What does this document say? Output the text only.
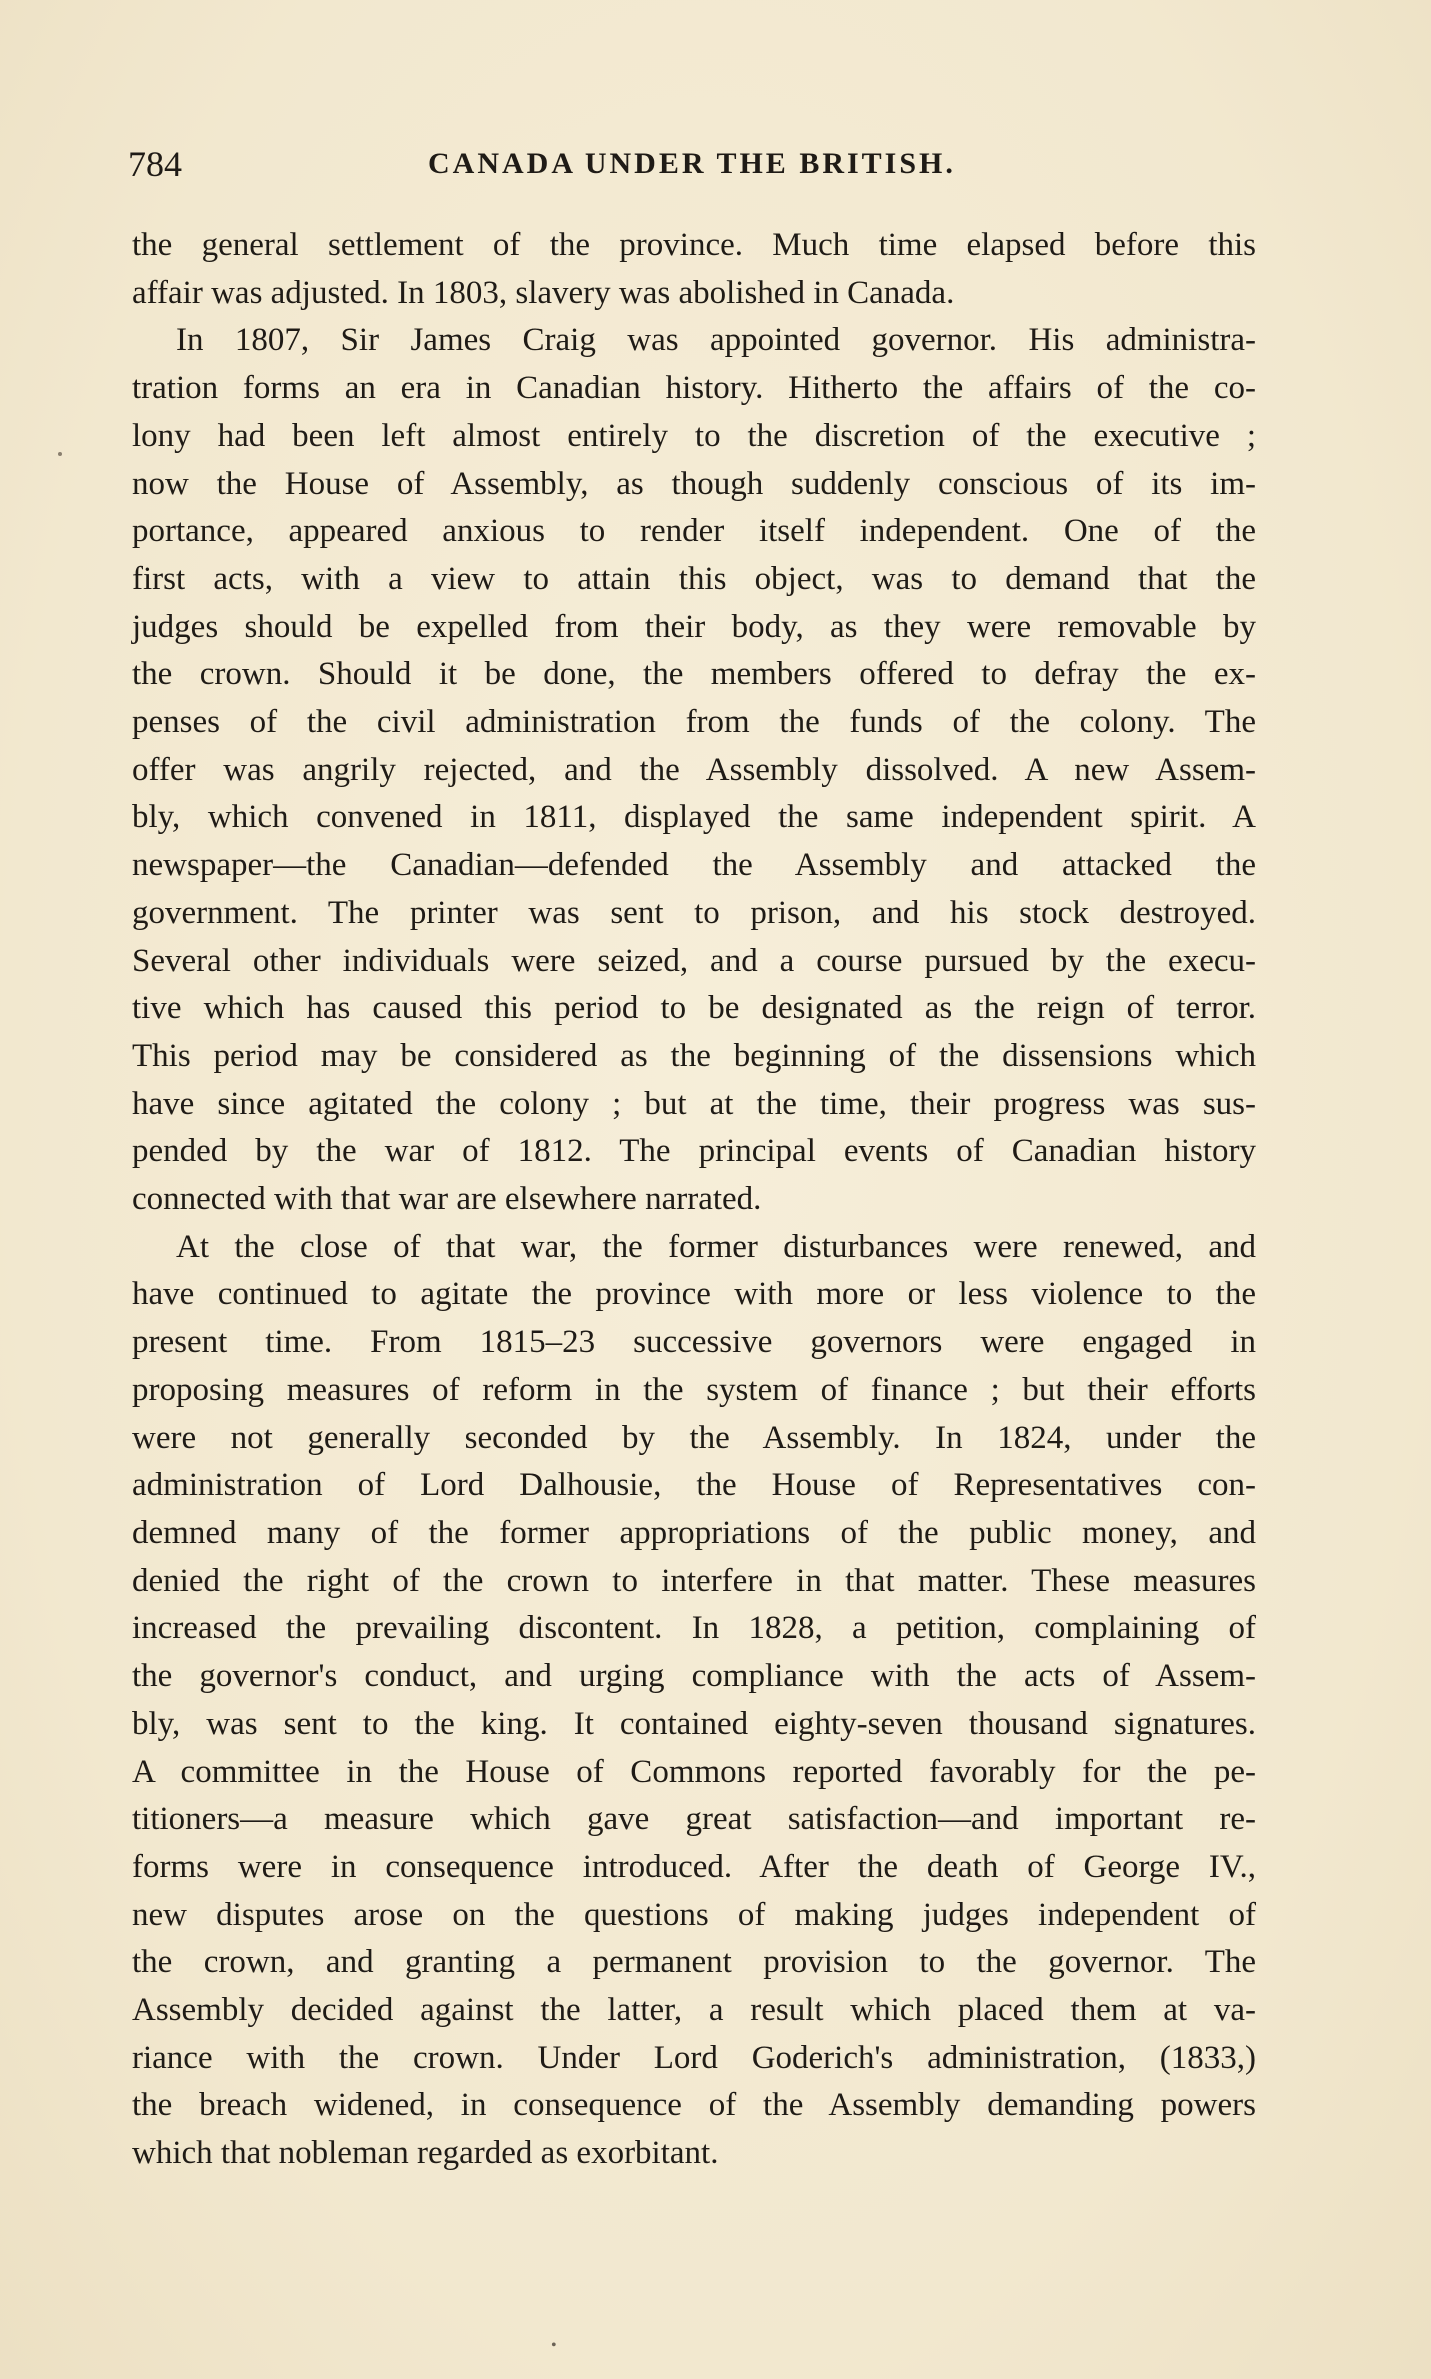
784	CANADA UNDER THE BRITISH.

the general settlement of the province. Much time elapsed before this
affair was adjusted. In 1803, slavery was abolished in Canada.

In 1807, Sir James Craig was appointed governor. His administra-
tration forms an era in Canadian history. Hitherto the affairs of the co-
lony had been left almost entirely to the discretion of the executive ;
now the House of Assembly, as though suddenly conscious of its im-
portance, appeared anxious to render itself independent. One of the
first acts, with a view to attain this object, was to demand that the
judges should be expelled from their body, as they were removable by
the crown. Should it be done, the members offered to defray the ex-
penses of the civil administration from the funds of the colony. The
offer was angrily rejected, and the Assembly dissolved. A new Assem-
bly, which convened in 1811, displayed the same independent spirit. A
newspaper—the Canadian—defended the Assembly and attacked the
government. The printer was sent to prison, and his stock destroyed.
Several other individuals were seized, and a course pursued by the execu-
tive which has caused this period to be designated as the reign of terror.
This period may be considered as the beginning of the dissensions which
have since agitated the colony ; but at the time, their progress was sus-
pended by the war of 1812. The principal events of Canadian history
connected with that war are elsewhere narrated.

At the close of that war, the former disturbances were renewed, and
have continued to agitate the province with more or less violence to the
present time. From 1815–23 successive governors were engaged in
proposing measures of reform in the system of finance ; but their efforts
were not generally seconded by the Assembly. In 1824, under the
administration of Lord Dalhousie, the House of Representatives con-
demned many of the former appropriations of the public money, and
denied the right of the crown to interfere in that matter. These measures
increased the prevailing discontent. In 1828, a petition, complaining of
the governor's conduct, and urging compliance with the acts of Assem-
bly, was sent to the king. It contained eighty-seven thousand signatures.
A committee in the House of Commons reported favorably for the pe-
titioners—a measure which gave great satisfaction—and important re-
forms were in consequence introduced. After the death of George IV.,
new disputes arose on the questions of making judges independent of
the crown, and granting a permanent provision to the governor. The
Assembly decided against the latter, a result which placed them at va-
riance with the crown. Under Lord Goderich's administration, (1833,)
the breach widened, in consequence of the Assembly demanding powers
which that nobleman regarded as exorbitant.

•
